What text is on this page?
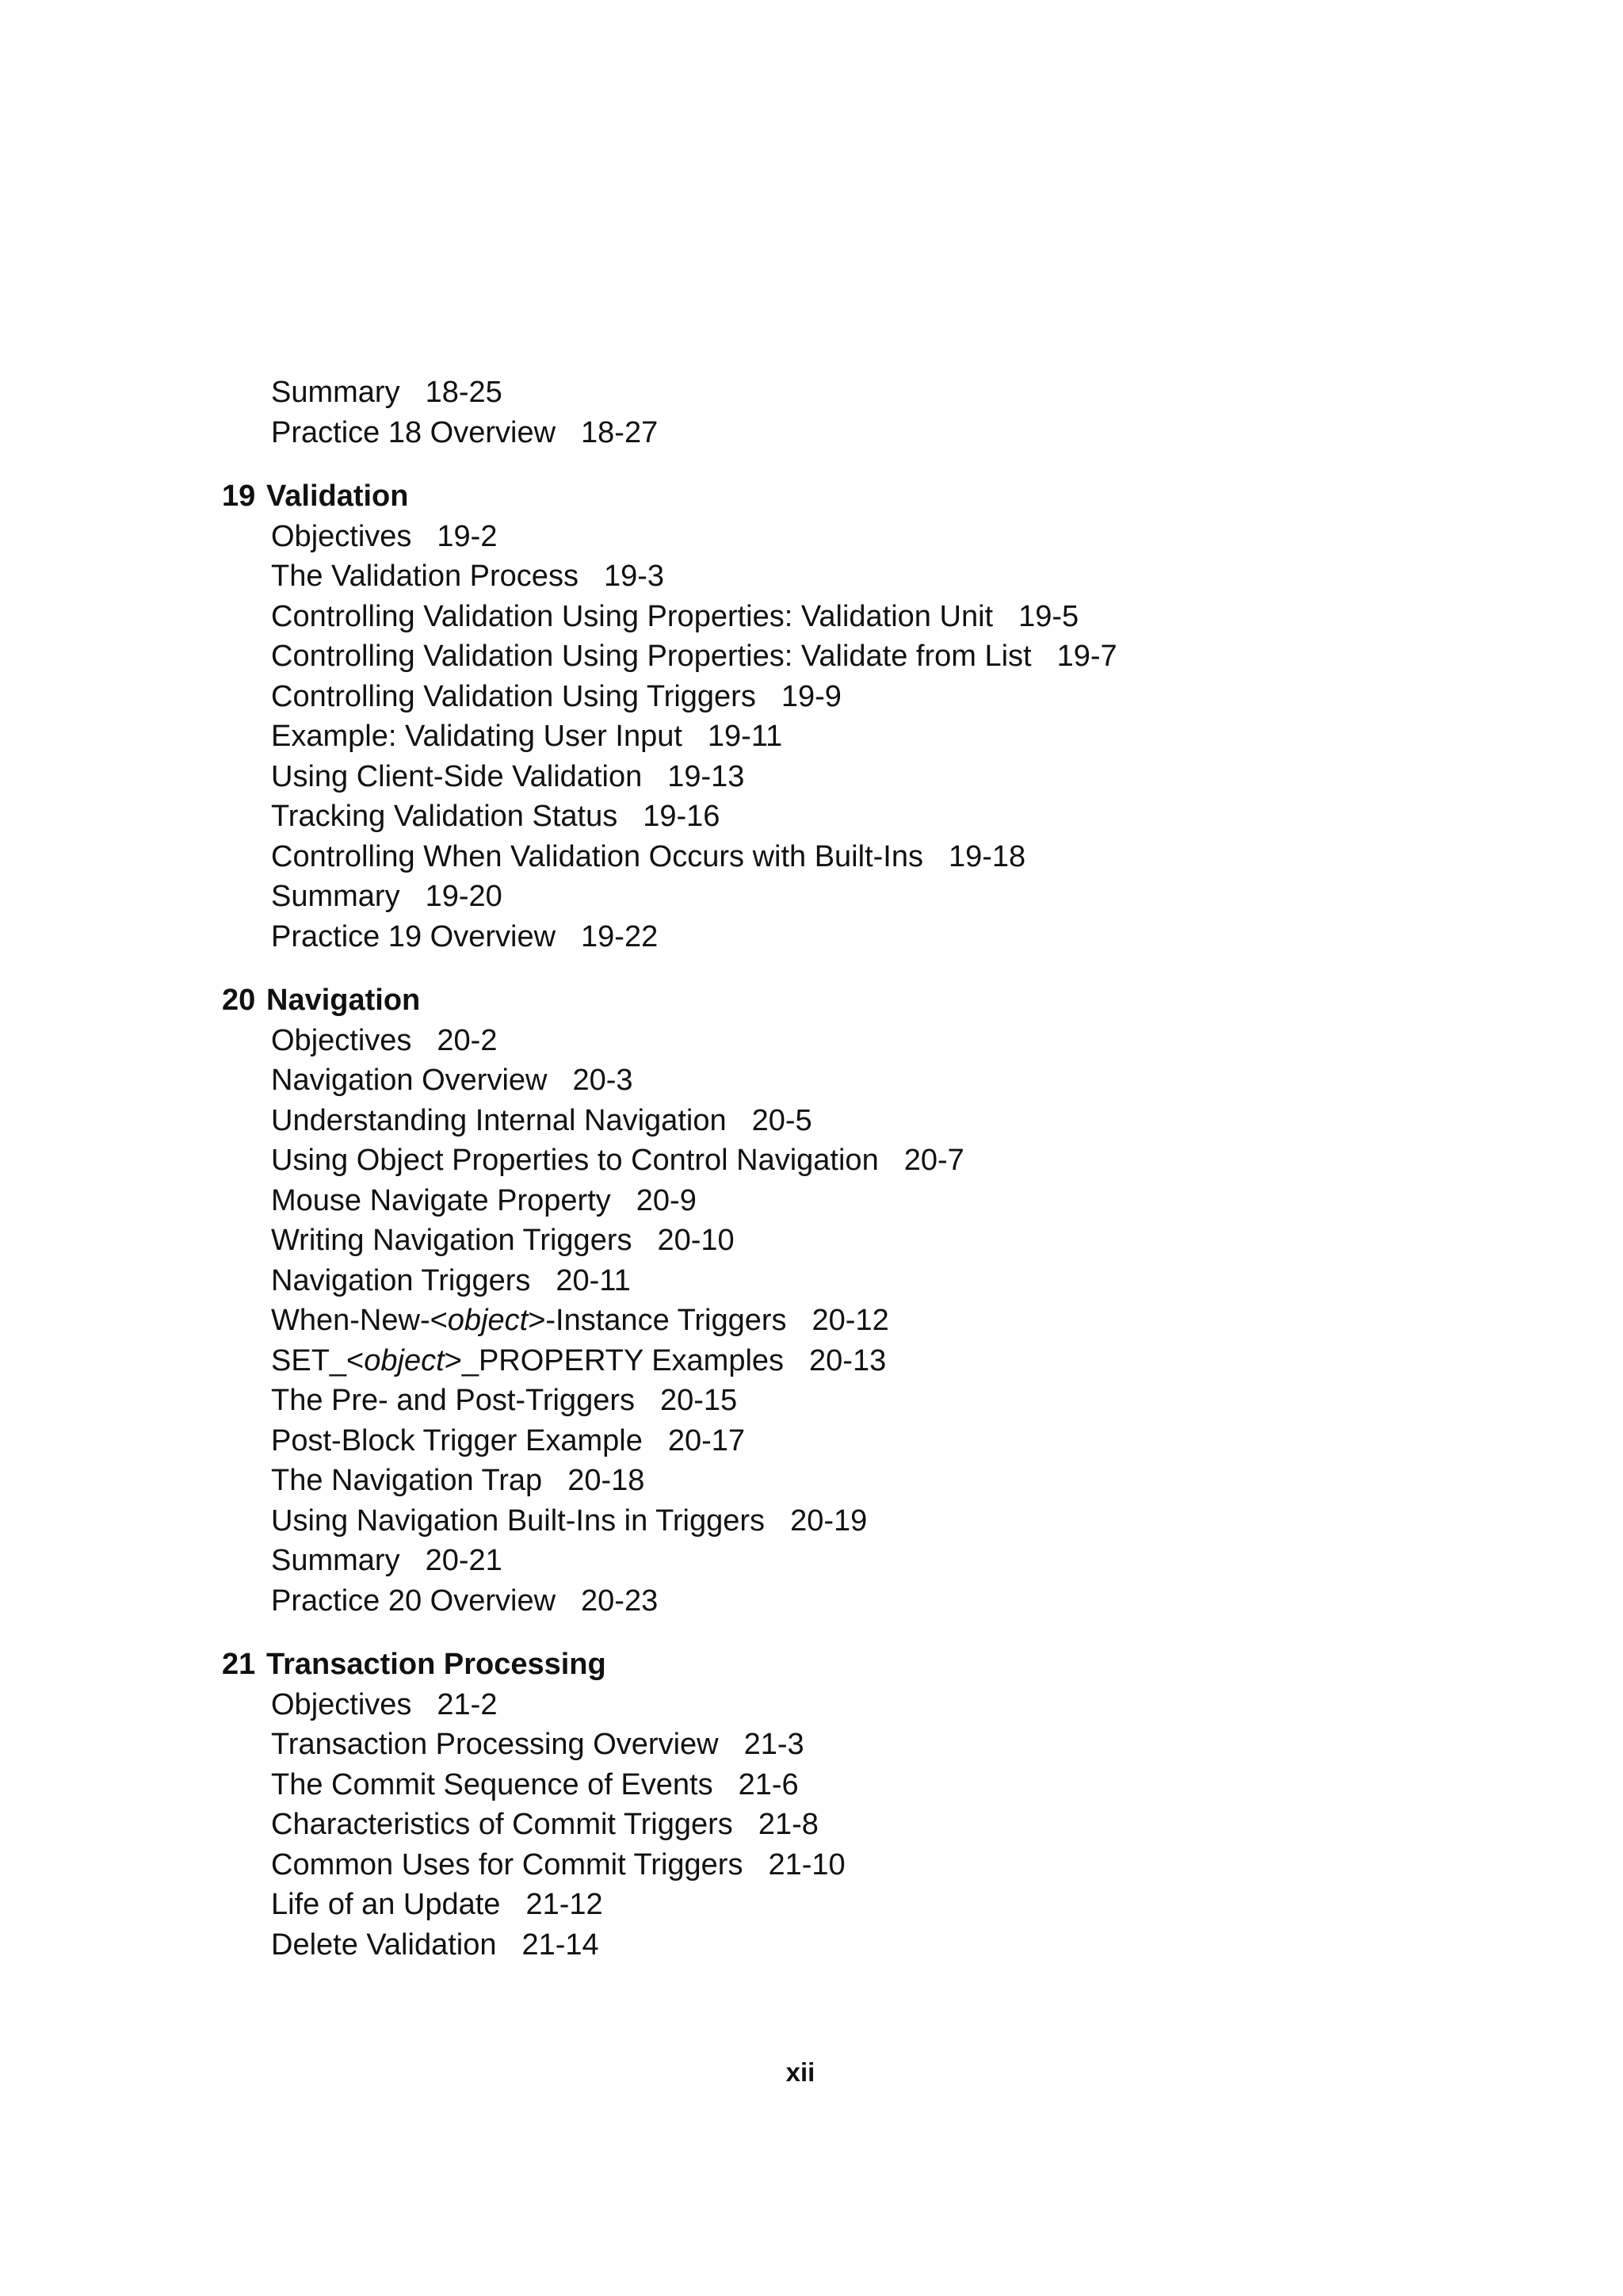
Summary 18-25
Practice 18 Overview 18-27
19 Validation
Objectives 19-2
The Validation Process 19-3
Controlling Validation Using Properties: Validation Unit 19-5
Controlling Validation Using Properties: Validate from List 19-7
Controlling Validation Using Triggers 19-9
Example: Validating User Input 19-11
Using Client-Side Validation 19-13
Tracking Validation Status 19-16
Controlling When Validation Occurs with Built-Ins 19-18
Summary 19-20
Practice 19 Overview 19-22
20 Navigation
Objectives 20-2
Navigation Overview 20-3
Understanding Internal Navigation 20-5
Using Object Properties to Control Navigation 20-7
Mouse Navigate Property 20-9
Writing Navigation Triggers 20-10
Navigation Triggers 20-11
When-New-<object>-Instance Triggers 20-12
SET_<object>_PROPERTY Examples 20-13
The Pre- and Post-Triggers 20-15
Post-Block Trigger Example 20-17
The Navigation Trap 20-18
Using Navigation Built-Ins in Triggers 20-19
Summary 20-21
Practice 20 Overview 20-23
21 Transaction Processing
Objectives 21-2
Transaction Processing Overview 21-3
The Commit Sequence of Events 21-6
Characteristics of Commit Triggers 21-8
Common Uses for Commit Triggers 21-10
Life of an Update 21-12
Delete Validation 21-14
xii
